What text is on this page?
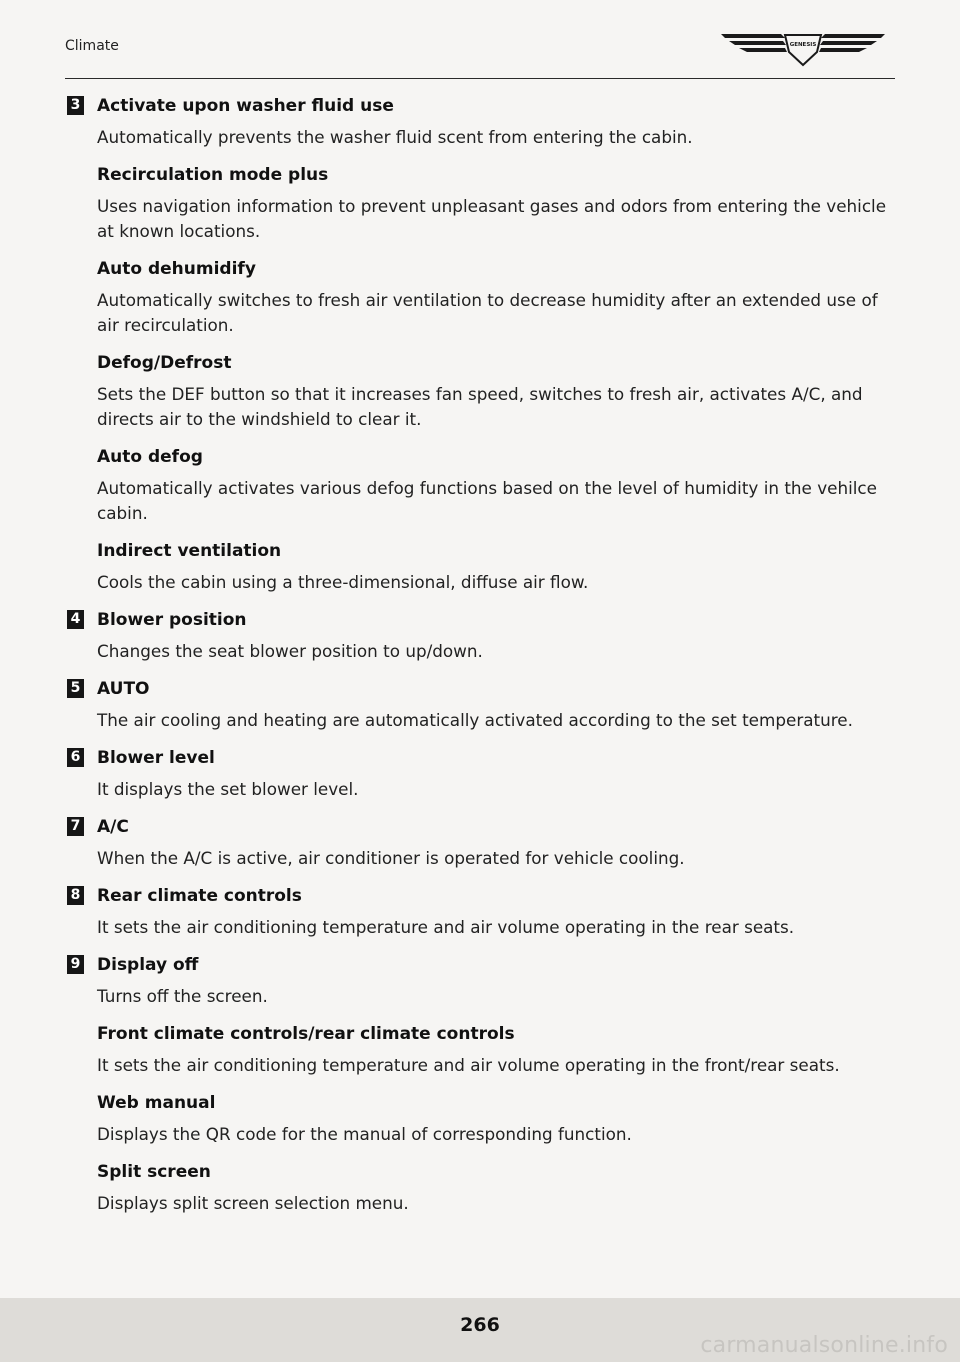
Climate	GENESIS
3 Activate upon washer fluid use
Automatically prevents the washer fluid scent from entering the cabin.
Recirculation mode plus
Uses navigation information to prevent unpleasant gases and odors from entering the vehicle at known locations.
Auto dehumidify
Automatically switches to fresh air ventilation to decrease humidity after an extended use of air recirculation.
Defog/Defrost
Sets the DEF button so that it increases fan speed, switches to fresh air, activates A/C, and directs air to the windshield to clear it.
Auto defog
Automatically activates various defog functions based on the level of humidity in the vehilce cabin.
Indirect ventilation
Cools the cabin using a three-dimensional, diffuse air flow.
4 Blower position
Changes the seat blower position to up/down.
5 AUTO
The air cooling and heating are automatically activated according to the set temperature.
6 Blower level
It displays the set blower level.
7 A/C
When the A/C is active, air conditioner is operated for vehicle cooling.
8 Rear climate controls
It sets the air conditioning temperature and air volume operating in the rear seats.
9 Display off
Turns off the screen.
Front climate controls/rear climate controls
It sets the air conditioning temperature and air volume operating in the front/rear seats.
Web manual
Displays the QR code for the manual of corresponding function.
Split screen
Displays split screen selection menu.
266
carmanualsonline.info
